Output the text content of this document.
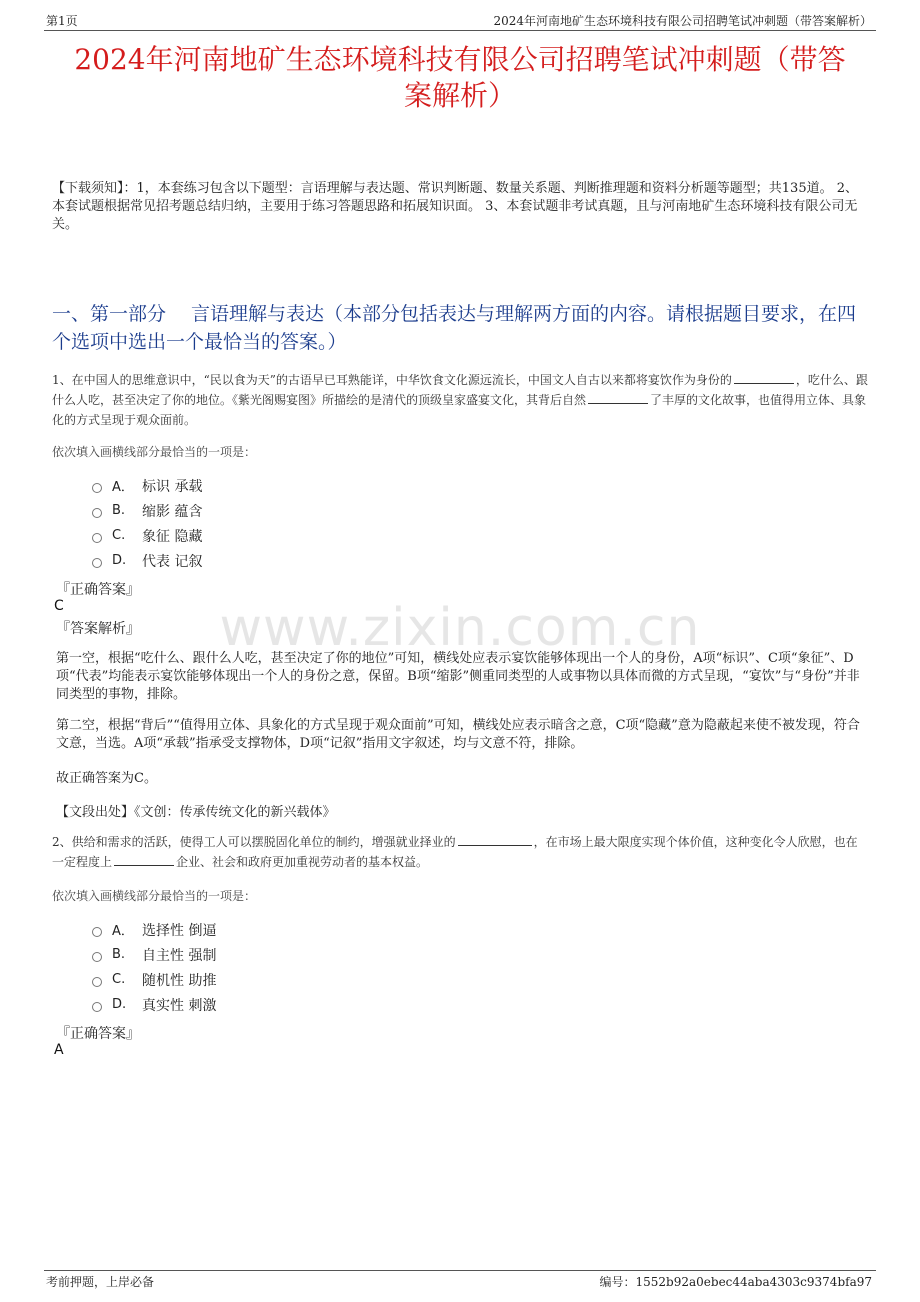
第1页	2024年河南地矿生态环境科技有限公司招聘笔试冲刺题（带答案解析）
2024年河南地矿生态环境科技有限公司招聘笔试冲刺题（带答
案解析）
【下载须知】：1，本套练习包含以下题型：言语理解与表达题、常识判断题、数量关系题、判断推理题和资料分析题等题型；共135道。 2、本套试题根据常见招考题总结归纳，主要用于练习答题思路和拓展知识面。 3、本套试题非考试真题，且与河南地矿生态环境科技有限公司无关。
一、第一部分　 言语理解与表达（本部分包括表达与理解两方面的内容。请根据题目要求，在四个选项中选出一个最恰当的答案。）
1、在中国人的思维意识中，“民以食为天”的古语早已耳熟能详，中华饮食文化源远流长，中国文人自古以来都将宴饮作为身份的	，吃什么、跟什么人吃，甚至决定了你的地位。《紫光阁赐宴图》所描绘的是清代的顶级皇家盛宴文化，其背后自然	了丰厚的文化故事，也值得用立体、具象化的方式呈现于观众面前。
依次填入画横线部分最恰当的一项是：
A． 标识 承载
B.	缩影 蕴含
C.	象征 隐藏
D.	代表 记叙
『正确答案』
C
『答案解析』	www.zixin.com.cn
第一空，根据“吃什么、跟什么人吃，甚至决定了你的地位”可知，横线处应表示宴饮能够体现出一个人的身份，A项“标识”、C项“象征”、D项“代表”均能表示宴饮能够体现出一个人的身份之意，保留。B项“缩影”侧重同类型的人或事物以具体而微的方式呈现，“宴饮”与“身份”并非同类型的事物，排除。
第二空，根据“背后”“值得用立体、具象化的方式呈现于观众面前”可知，横线处应表示暗含之意，C项“隐藏”意为隐蔽起来使不被发现，符合文意，当选。A项“承载”指承受支撑物体，D项“记叙”指用文字叙述，均与文意不符，排除。
故正确答案为C。
【文段出处】《文创：传承传统文化的新兴载体》
2、供给和需求的活跃，使得工人可以摆脱固化单位的制约，增强就业择业的	，在市场上最大限度实现个体价值，这种变化令人欣慰，也在一定程度上	企业、社会和政府更加重视劳动者的基本权益。
依次填入画横线部分最恰当的一项是：
A． 选择性 倒逼
B.	自主性 强制
C.	随机性 助推
D.	真实性 刺激
『正确答案』
A
考前押题，上岸必备	编号：1552b92a0ebec44aba4303c9374bfa97
